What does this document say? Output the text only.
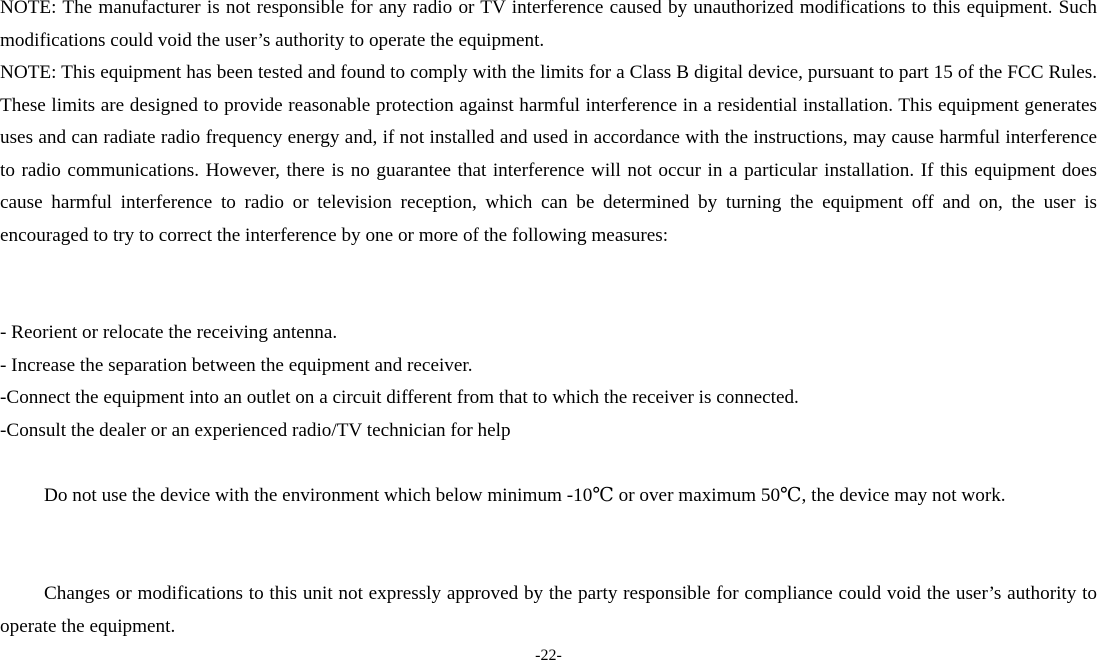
NOTE: The manufacturer is not responsible for any radio or TV interference caused by unauthorized modifications to this equipment. Such modifications could void the user’s authority to operate the equipment.

NOTE: This equipment has been tested and found to comply with the limits for a Class B digital device, pursuant to part 15 of the FCC Rules. These limits are designed to provide reasonable protection against harmful interference in a residential installation. This equipment generates uses and can radiate radio frequency energy and, if not installed and used in accordance with the instructions, may cause harmful interference to radio communications. However, there is no guarantee that interference will not occur in a particular installation. If this equipment does cause harmful interference to radio or television reception, which can be determined by turning the equipment off and on, the user is encouraged to try to correct the interference by one or more of the following measures:

- Reorient or relocate the receiving antenna.
- Increase the separation between the equipment and receiver.
-Connect the equipment into an outlet on a circuit different from that to which the receiver is connected.
-Consult the dealer or an experienced radio/TV technician for help

Do not use the device with the environment which below minimum -10℃ or over maximum 50℃, the device may not work.

Changes or modifications to this unit not expressly approved by the party responsible for compliance could void the user’s authority to operate the equipment.

-22-
